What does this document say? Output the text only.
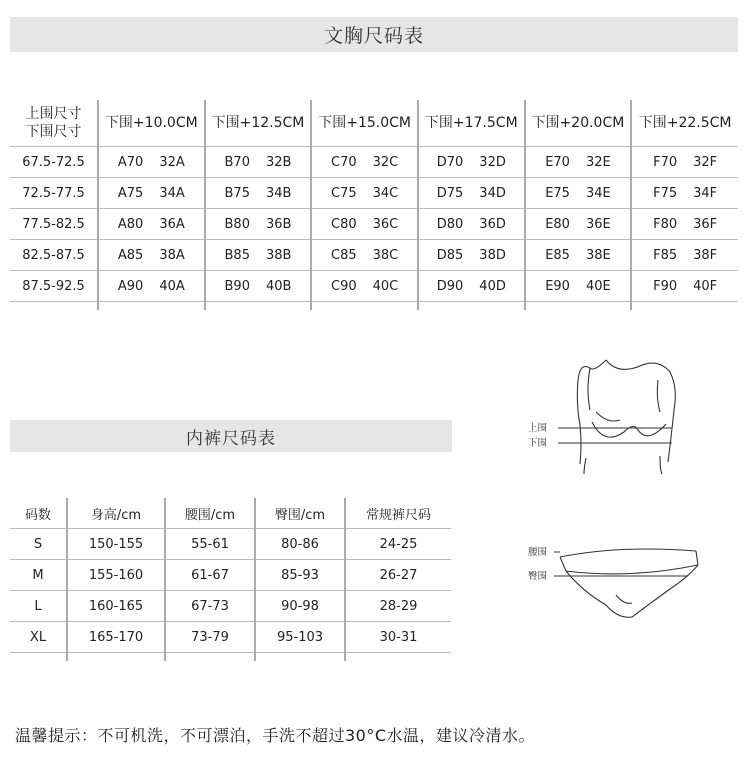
文胸尺码表
上围尺寸
下围尺寸	下围+10.0CM	下围+12.5CM	下围+15.0CM	下围+17.5CM	下围+20.0CM	下围+22.5CM
67.5-72.5	A70 32A	B70 32B	C70 32C	D70 32D	E70 32E	F70 32F

72.5-77.5	A75 34A	B75 34B	C75 34C	D75 34D	E75 34E	F75 34F

77.5-82.5	A80 36A	B80 36B	C80 36C	D80 36D	E80 36E	F80 36F

82.5-87.5	A85 38A	B85 38B	C85 38C	D85 38D	E85 38E	F85 38F

87.5-92.5	A90 40A	B90 40B	C90 40C	D90 40D	E90 40E	F90 40F

上围
下围
内裤尺码表
码数	身高/cm	腰围/cm	臀围/cm	常规裤尺码
S	150-155	55-61	80-86	24-25
M	155-160	61-67	85-93	26-27
L	160-165	67-73	90-98	28-29
XL	165-170	73-79	95-103	30-31

腰围
臀围
温馨提示：不可机洗，不可漂泊，手洗不超过30°C水温，建议冷清水。
